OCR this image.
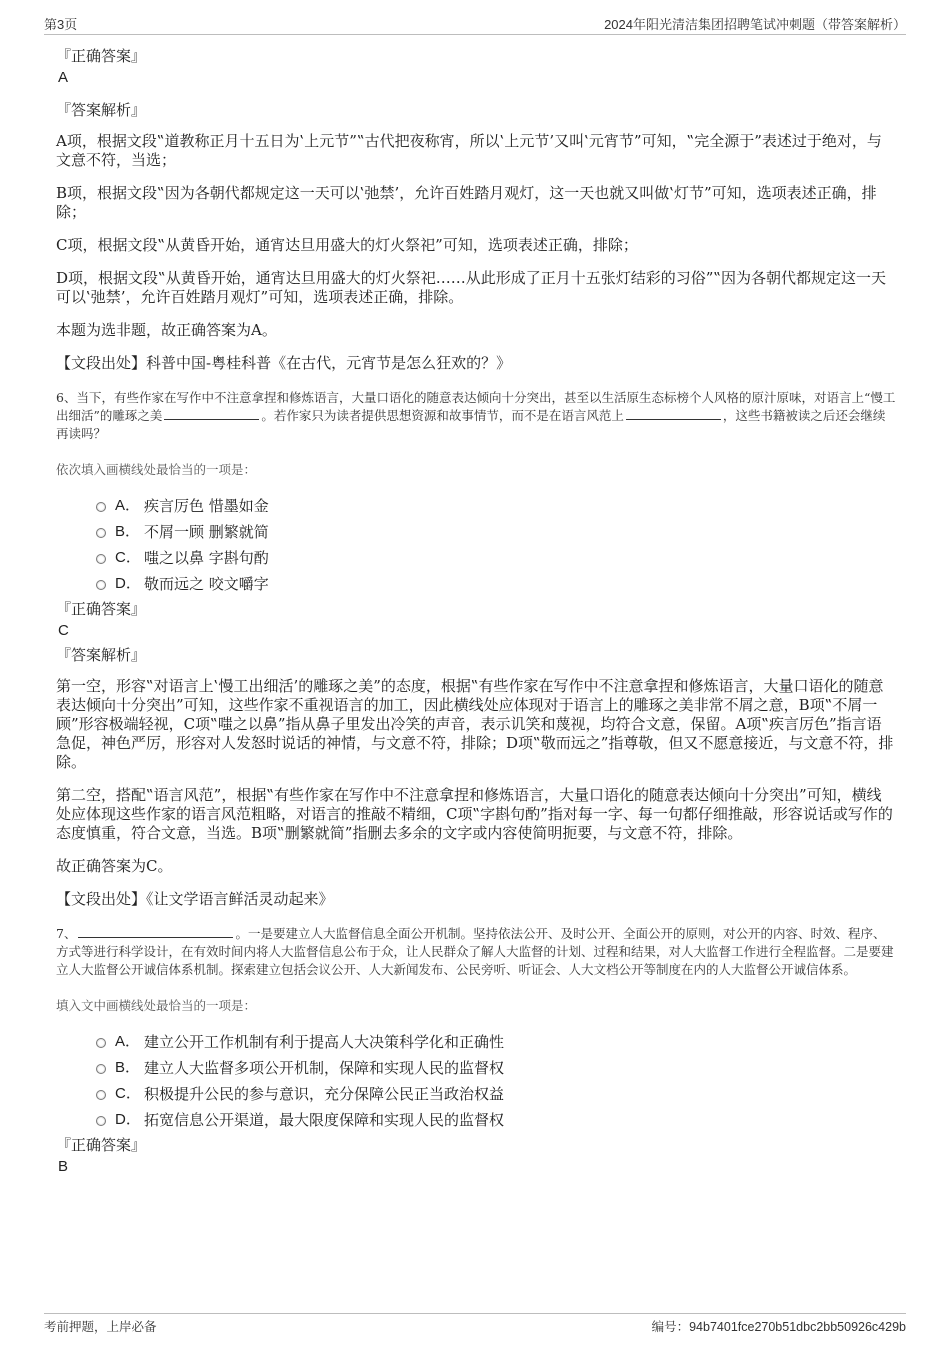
第3页	2024年阳光清洁集团招聘笔试冲刺题（带答案解析）
『正确答案』
A
『答案解析』

A项，根据文段‟道教称正月十五日为‛上元节”‟古代把夜称宵，所以‛上元节’又叫‛元宵节”可知，‟完全源于”表述过于绝对，与文意不符，当选；

B项，根据文段‟因为各朝代都规定这一天可以‛弛禁’，允许百姓踏月观灯，这一天也就又叫做‛灯节”可知，选项表述正确，排除；

C项，根据文段‟从黄昏开始，通宵达旦用盛大的灯火祭祀”可知，选项表述正确，排除；

D项，根据文段‟从黄昏开始，通宵达旦用盛大的灯火祭祀……从此形成了正月十五张灯结彩的习俗”‟因为各朝代都规定这一天可以‛弛禁’，允许百姓踏月观灯”可知，选项表述正确，排除。

本题为选非题，故正确答案为A。

【文段出处】科普中国-粤桂科普《在古代，元宵节是怎么狂欢的？》

6、当下，有些作家在写作中不注意拿捏和修炼语言，大量口语化的随意表达倾向十分突出，甚至以生活原生态标榜个人风格的原汁原味，对语言上“慢工出细活”的雕琢之美	。若作家只为读者提供思想资源和故事情节，而不是在语言风范上	，这些书籍被读之后还会继续再读吗？

依次填入画横线处最恰当的一项是：

A． 疾言厉色 惜墨如金
B． 不屑一顾 删繁就简
C． 嗤之以鼻 字斟句酌
D． 敬而远之 咬文嚼字
『正确答案』
C
『答案解析』

第一空，形容‟对语言上‛慢工出细活’的雕琢之美”的态度，根据‟有些作家在写作中不注意拿捏和修炼语言，大量口语化的随意表达倾向十分突出”可知，这些作家不重视语言的加工，因此横线处应体现对于语言上的雕琢之美非常不屑之意，B项‟不屑一顾”形容极端轻视，C项‟嗤之以鼻”指从鼻子里发出冷笑的声音，表示讥笑和蔑视，均符合文意，保留。A项‟疾言厉色”指言语急促，神色严厉，形容对人发怒时说话的神情，与文意不符，排除；D项‟敬而远之”指尊敬，但又不愿意接近，与文意不符，排除。

第二空，搭配‟语言风范”，根据‟有些作家在写作中不注意拿捏和修炼语言，大量口语化的随意表达倾向十分突出”可知，横线处应体现这些作家的语言风范粗略，对语言的推敲不精细，C项‟字斟句酌”指对每一字、每一句都仔细推敲，形容说话或写作的态度慎重，符合文意，当选。B项‟删繁就简”指删去多余的文字或内容使简明扼要，与文意不符，排除。

故正确答案为C。

【文段出处】《让文学语言鲜活灵动起来》

7、	。一是要建立人大监督信息全面公开机制。坚持依法公开、及时公开、全面公开的原则，对公开的内容、时效、程序、方式等进行科学设计，在有效时间内将人大监督信息公布于众，让人民群众了解人大监督的计划、过程和结果，对人大监督工作进行全程监督。二是要建立人大监督公开诚信体系机制。探索建立包括会议公开、人大新闻发布、公民旁听、听证会、人大文档公开等制度在内的人大监督公开诚信体系。

填入文中画横线处最恰当的一项是：

A． 建立公开工作机制有利于提高人大决策科学化和正确性
B． 建立人大监督多项公开机制，保障和实现人民的监督权
C． 积极提升公民的参与意识，充分保障公民正当政治权益
D． 拓宽信息公开渠道，最大限度保障和实现人民的监督权
『正确答案』
B
考前押题，上岸必备	编号：94b7401fce270b51dbc2bb50926c429b
